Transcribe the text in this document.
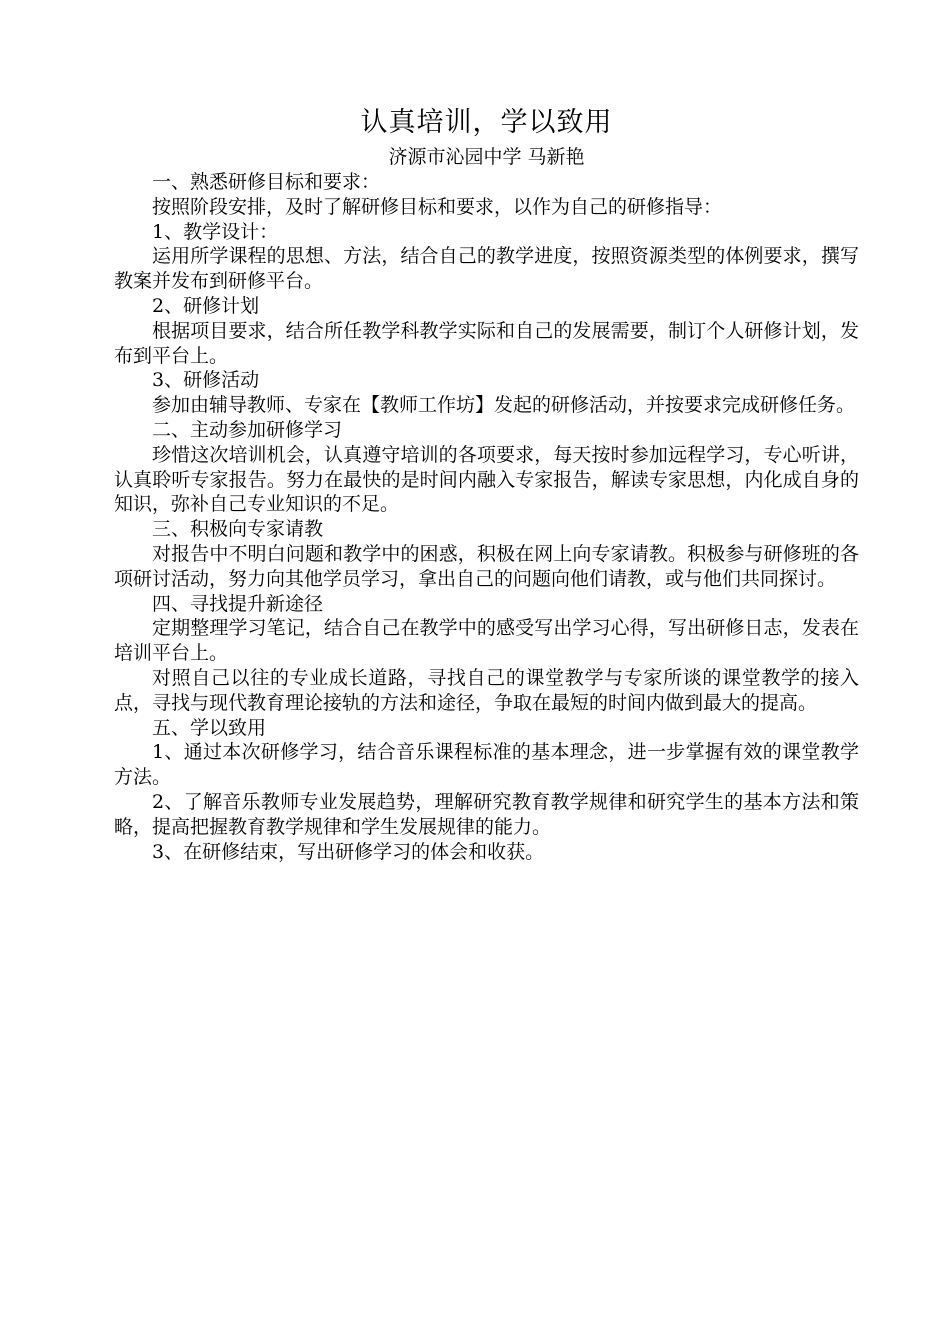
认真培训，学以致用

济源市沁园中学 马新艳

一、熟悉研修目标和要求：

按照阶段安排，及时了解研修目标和要求，以作为自己的研修指导：

1、教学设计：

运用所学课程的思想、方法，结合自己的教学进度，按照资源类型的体例要求，撰写教案并发布到研修平台。

2、研修计划

根据项目要求，结合所任教学科教学实际和自己的发展需要，制订个人研修计划，发布到平台上。

3、研修活动

参加由辅导教师、专家在【教师工作坊】发起的研修活动，并按要求完成研修任务。

二、主动参加研修学习

珍惜这次培训机会，认真遵守培训的各项要求，每天按时参加远程学习，专心听讲，认真聆听专家报告。努力在最快的是时间内融入专家报告，解读专家思想，内化成自身的知识，弥补自己专业知识的不足。

三、积极向专家请教

对报告中不明白问题和教学中的困惑，积极在网上向专家请教。积极参与研修班的各项研讨活动，努力向其他学员学习，拿出自己的问题向他们请教，或与他们共同探讨。

四、寻找提升新途径

定期整理学习笔记，结合自己在教学中的感受写出学习心得，写出研修日志，发表在培训平台上。

对照自己以往的专业成长道路，寻找自己的课堂教学与专家所谈的课堂教学的接入点，寻找与现代教育理论接轨的方法和途径，争取在最短的时间内做到最大的提高。

五、学以致用

1、通过本次研修学习，结合音乐课程标准的基本理念，进一步掌握有效的课堂教学方法。

2、了解音乐教师专业发展趋势，理解研究教育教学规律和研究学生的基本方法和策略，提高把握教育教学规律和学生发展规律的能力。

3、在研修结束，写出研修学习的体会和收获。
